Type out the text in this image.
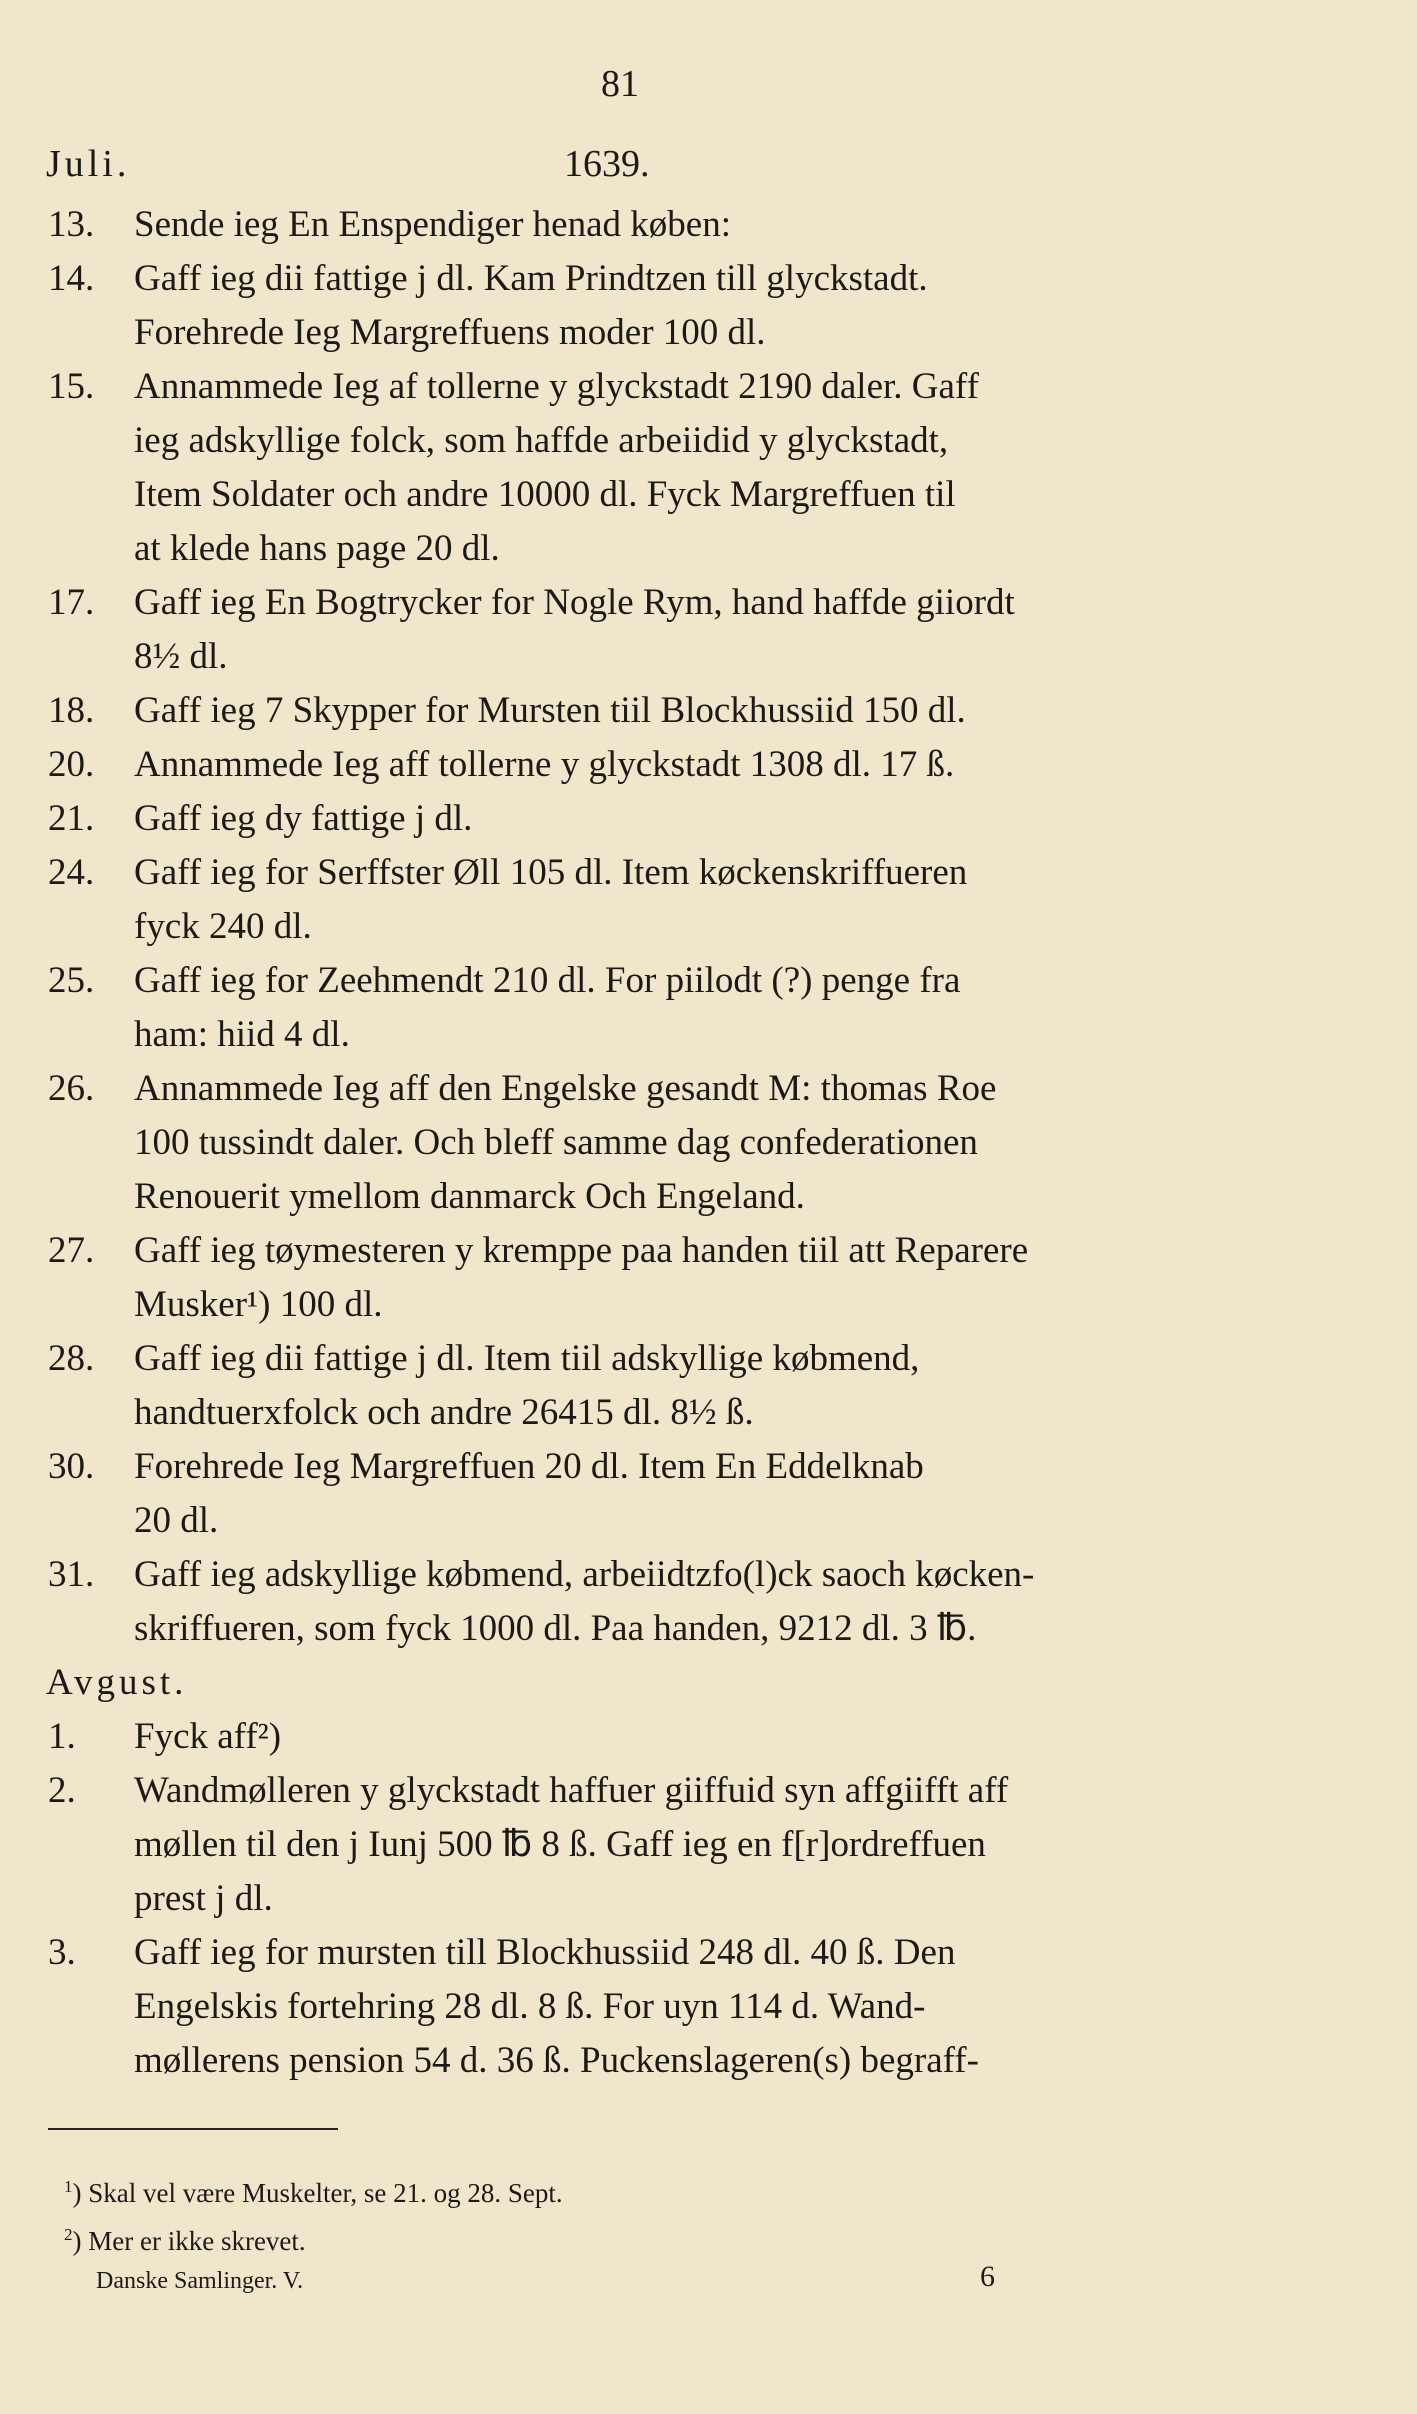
81
Juli.	1639.
13. Sende ieg En Enspendiger henad køben:
14. Gaff ieg dii fattige j dl. Kam Prindtzen till glyckstadt.
Forehrede Ieg Margreffuens moder 100 dl.
15. Annammede Ieg af tollerne y glyckstadt 2190 daler. Gaff
ieg adskyllige folck, som haffde arbeiidid y glyckstadt,
Item Soldater och andre 10000 dl. Fyck Margreffuen til
at klede hans page 20 dl.
17. Gaff ieg En Bogtrycker for Nogle Rym, hand haffde giiordt
8½ dl.
18. Gaff ieg 7 Skypper for Mursten tiil Blockhussiid 150 dl.
20. Annammede Ieg aff tollerne y glyckstadt 1308 dl. 17 ß.
21. Gaff ieg dy fattige j dl.
24. Gaff ieg for Serffster Øll 105 dl. Item køckenskriffueren
fyck 240 dl.
25. Gaff ieg for Zeehmendt 210 dl. For piilodt (?) penge fra
ham: hiid 4 dl.
26. Annammede Ieg aff den Engelske gesandt M: thomas Roe
100 tussindt daler. Och bleff samme dag confederationen
Renouerit ymellom danmarck Och Engeland.
27. Gaff ieg tøymesteren y kremppe paa handen tiil att Reparere
Musker¹) 100 dl.
28. Gaff ieg dii fattige j dl. Item tiil adskyllige købmend,
handtuerxfolck och andre 26415 dl. 8½ ß.
30. Forehrede Ieg Margreffuen 20 dl. Item En Eddelknab
20 dl.
31. Gaff ieg adskyllige købmend, arbeiidtzfo(l)ck saoch køcken-
skriffueren, som fyck 1000 dl. Paa handen, 9212 dl. 3 ℔.
Avgust.
1. Fyck aff²)
2. Wandmølleren y glyckstadt haffuer giiffuid syn affgiifft aff
møllen til den j Iunj 500 ℔ 8 ß. Gaff ieg en f[r]ordreffuen
prest j dl.
3. Gaff ieg for mursten till Blockhussiid 248 dl. 40 ß. Den
Engelskis fortehring 28 dl. 8 ß. For uyn 114 d. Wand-
møllerens pension 54 d. 36 ß. Puckenslageren(s) begraff-
$^1$) Skal vel være Muskelter, se 21. og 28. Sept.
$^2$) Mer er ikke skrevet.
Danske Samlinger. V.	6
